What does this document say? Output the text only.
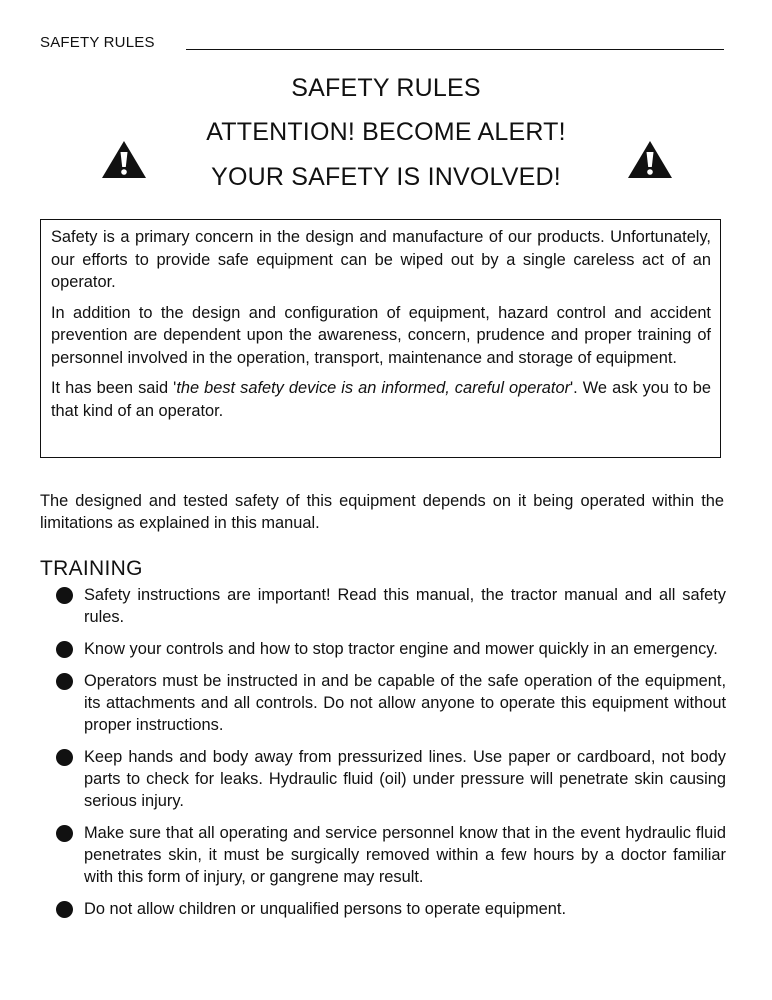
SAFETY RULES
SAFETY RULES
ATTENTION! BECOME ALERT!
YOUR SAFETY IS INVOLVED!

Safety is a primary concern in the design and manufacture of our products. Unfortunately, our efforts to provide safe equipment can be wiped out by a single careless act of an operator.

In addition to the design and configuration of equipment, hazard control and accident prevention are dependent upon the awareness, concern, prudence and proper training of personnel involved in the operation, transport, maintenance and storage of equipment.

It has been said 'the best safety device is an informed, careful operator'. We ask you to be that kind of an operator.

The designed and tested safety of this equipment depends on it being operated within the limitations as explained in this manual.

TRAINING
Safety instructions are important! Read this manual, the tractor manual and all safety rules.
Know your controls and how to stop tractor engine and mower quickly in an emergency.
Operators must be instructed in and be capable of the safe operation of the equipment, its attachments and all controls. Do not allow anyone to operate this equipment without proper instructions.
Keep hands and body away from pressurized lines. Use paper or cardboard, not body parts to check for leaks. Hydraulic fluid (oil) under pressure will penetrate skin causing serious injury.
Make sure that all operating and service personnel know that in the event hydraulic fluid penetrates skin, it must be surgically removed within a few hours by a doctor familiar with this form of injury, or gangrene may result.
Do not allow children or unqualified persons to operate equipment.
